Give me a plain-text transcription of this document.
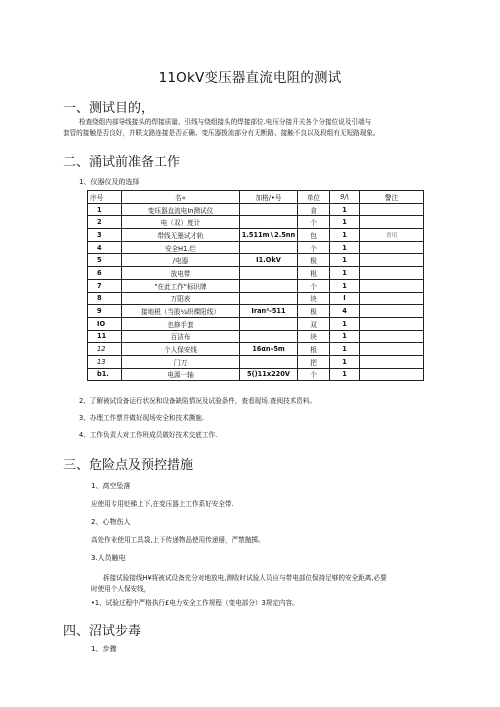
11OkV变压器直流电阻的测试
一、测试目的，
检查绕组内部导线接头的焊接质量、引线与绕组接头的焊接部位.电压分接开关各个分接位说及引端与
套管的接触是否良好，并联支路连接是否正确、变压器拨流部分有无断路、接触不良以及段组有无短路现象。
二、涌试前准备工作
1、仪器仪及的选择
序号	名«	加格/•号	单位	9∕\	警注
1	变珏器直流电In测试仪		食	1	
2	电（双）度计		个	1	
3	带线无墨试才轨	1.511m∖2.5nn	包	1	省用
4	安全H1.烂		个	1	
5	/电器	I1.OkV	极	1	
6	放电带		根	1	
7	"在此工作"标识牌		个	1	
8	万阳表		块	I	
9	接地税（当股¼织棵阳线）	Iran²-511	极	4	
IO	也修手套		双	1	
11	百洁布		块	1	
12	个人保安线	16αn-5m	根	1	
13	门刀		把	1	
b1.	电源一轴	5()11x220V	个	1	
2、了解被试设备运行状况和设备缺陷情况及试验条件，查看现场.查阅技术资料。
3、办理工作票并做好现场安全和技术撕施.
4、工作负责人对工作班成员做好技术交底工作.
三、危险点及预控措施
1、高空坠落
应使用专用贬梯上下,在变压器上工作系好安全带.
2、心物伤人
高处作业使用工具袋,上下传递物品使用传递掰，严禁抛掷。
3.人员触电
拆接试验接线H¥将被试设备充分对地放电,测收时试验人员应与带电部位保持足够的安全距离,必要
时使用个人保安线，
•1、试验过程中严格执行£电力安全工作规程（变电部分）3规定内容。
四、沼试步毒
1、步骤
